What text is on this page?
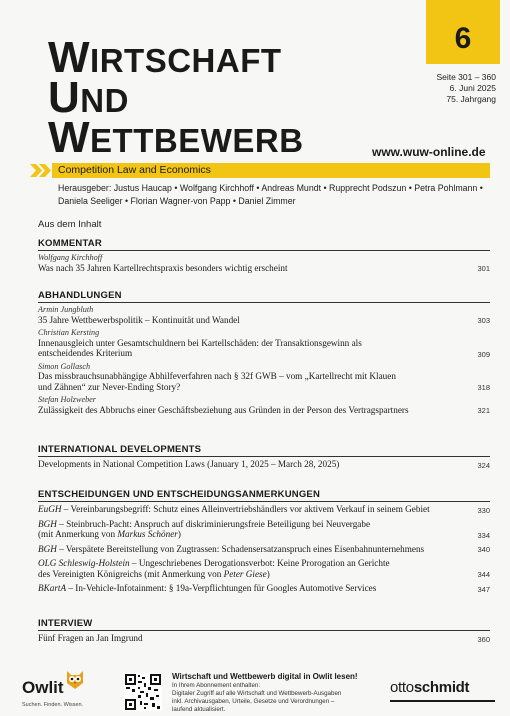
WIRTSCHAFT
UND
WETTBEWERB
6
Seite 301 – 360
6. Juni 2025
75. Jahrgang
www.wuw-online.de
Competition Law and Economics
Herausgeber: Justus Haucap • Wolfgang Kirchhoff • Andreas Mundt • Rupprecht Podszun • Petra Pohlmann •
Daniela Seeliger • Florian Wagner-von Papp • Daniel Zimmer
Aus dem Inhalt
KOMMENTAR
Wolfgang Kirchhoff
Was nach 35 Jahren Kartellrechtspraxis besonders wichtig erscheint	301
ABHANDLUNGEN
Armin Jungbluth
35 Jahre Wettbewerbspolitik – Kontinuität und Wandel	303
Christian Kersting
Innenausgleich unter Gesamtschuldnern bei Kartellschäden: der Transaktionsgewinn als
entscheidendes Kriterium	309
Simon Gollasch
Das missbrauchsunabhängige Abhilfeverfahren nach § 32f GWB – vom „Kartellrecht mit Klauen
und Zähnen“ zur Never-Ending Story?	318
Stefan Holzweber
Zulässigkeit des Abbruchs einer Geschäftsbeziehung aus Gründen in der Person des Vertragspartners	321
INTERNATIONAL DEVELOPMENTS
Developments in National Competition Laws (January 1, 2025 – March 28, 2025)	324
ENTSCHEIDUNGEN UND ENTSCHEIDUNGSANMERKUNGEN
EuGH – Vereinbarungsbegriff: Schutz eines Alleinvertriebshändlers vor aktivem Verkauf in seinem Gebiet	330
BGH – Steinbruch-Pacht: Anspruch auf diskriminierungsfreie Beteiligung bei Neuvergabe
(mit Anmerkung von Markus Schöner)	334
BGH – Verspätete Bereitstellung von Zugtrassen: Schadensersatzanspruch eines Eisenbahnunternehmens	340
OLG Schleswig-Holstein – Ungeschriebenes Derogationsverbot: Keine Prorogation an Gerichte
des Vereinigten Königreichs (mit Anmerkung von Peter Giese)	344
BKartA – In-Vehicle-Infotainment: § 19a-Verpflichtungen für Googles Automotive Services	347
INTERVIEW
Fünf Fragen an Jan Imgrund	360
Owlit
Suchen. Finden. Wissen.
Wirtschaft und Wettbewerb digital in Owlit lesen!
In Ihrem Abonnement enthalten:
Digitaler Zugriff auf alle Wirtschaft und Wettbewerb-Ausgaben
inkl. Archivausgaben, Urteile, Gesetze und Verordnungen –
laufend aktualisiert.
ottoschmidt
